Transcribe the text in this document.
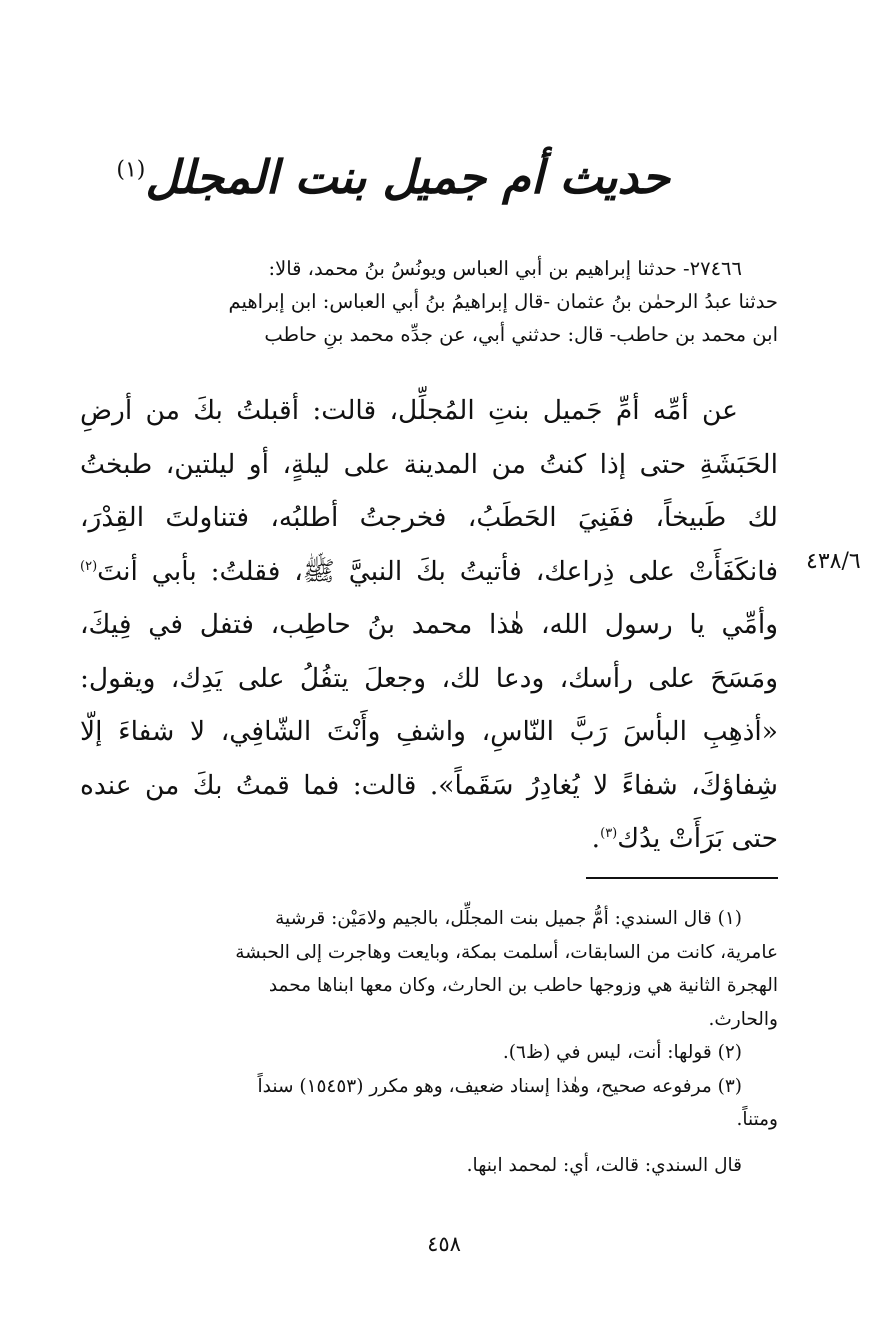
حديث أم جميل بنت المجلل$^{(١)}$

٢٧٤٦٦- حدثنا إبراهيم بن أبي العباس ويونُسُ بنُ محمد، قالا:

حدثنا عبدُ الرحمٰن بنُ عثمان -قال إبراهيمُ بنُ أبي العباس: ابن إبراهيم

ابن محمد بن حاطب- قال: حدثني أبي، عن جدِّه محمد بنِ حاطب

عن أمِّه أمِّ جَميل بنتِ المُجلِّل، قالت: أقبلتُ بكَ من أرضِ
الحَبَشَةِ حتى إذا كنتُ من المدينة على ليلةٍ، أو ليلتين، طبختُ
لك طَبيخاً، ففَنِيَ الحَطَبُ، فخرجتُ أطلبُه، فتناولتَ القِدْرَ،
فانكَفَأَتْ على ذِراعك، فأتيتُ بكَ النبيَّ ﷺ، فقلتُ: بأبي أنتَ$^{(٢)}$
وأمِّي يا رسول الله، هٰذا محمد بنُ حاطِب، فتفل في فِيكَ،
ومَسَحَ على رأسك، ودعا لك، وجعلَ يتفُلُ على يَدِك، ويقول:
«أذهِبِ البأسَ رَبَّ النّاسِ، واشفِ وأَنْتَ الشّافِي، لا شفاءَ إلّا
شِفاؤكَ، شفاءً لا يُغادِرُ سَقَماً». قالت: فما قمتُ بكَ من عنده
حتى بَرَأَتْ يدُك$^{(٣)}$.
٤٣٨/٦

(١) قال السندي: أمُّ جميل بنت المجلِّل، بالجيم ولامَيْن: قرشية

عامرية، كانت من السابقات، أسلمت بمكة، وبايعت وهاجرت إلى الحبشة

الهجرة الثانية هي وزوجها حاطب بن الحارث، وكان معها ابناها محمد

والحارث.

(٢) قولها: أنت، ليس في (ظ٦).

(٣) مرفوعه صحيح، وهٰذا إسناد ضعيف، وهو مكرر (١٥٤٥٣) سنداً

ومتناً.

قال السندي: قالت، أي: لمحمد ابنها.

٤٥٨
